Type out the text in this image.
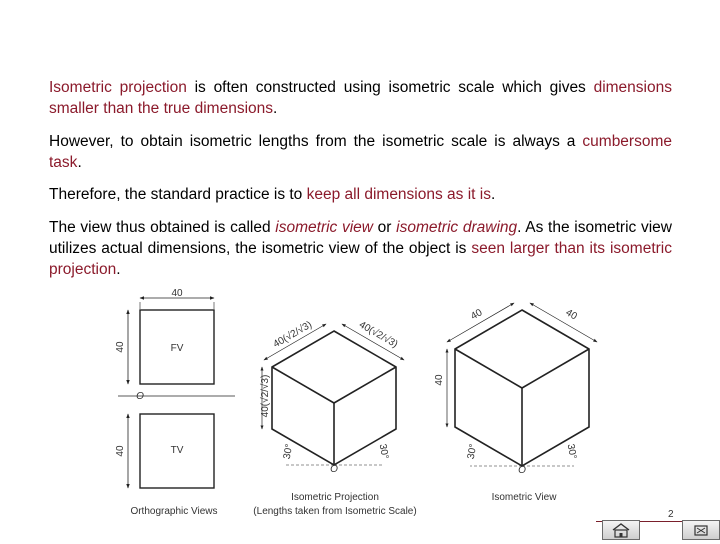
Isometric projection is often constructed using isometric scale which gives dimensions smaller than the true dimensions.

However, to obtain isometric lengths from the isometric scale is always a cumbersome task.

Therefore, the standard practice is to keep all dimensions as it is.

The view thus obtained is called isometric view or isometric drawing. As the isometric view utilizes actual dimensions, the isometric view of the object is seen larger than its isometric projection.

40
FV
40
O
TV
40
Orthographic Views
40(√2/√3)	40(√2/√3)
40(√2/√3)
30°	30°
O
Isometric Projection
(Lengths taken from Isometric Scale)
40	40
40
30°	30°
O
Isometric View
2
